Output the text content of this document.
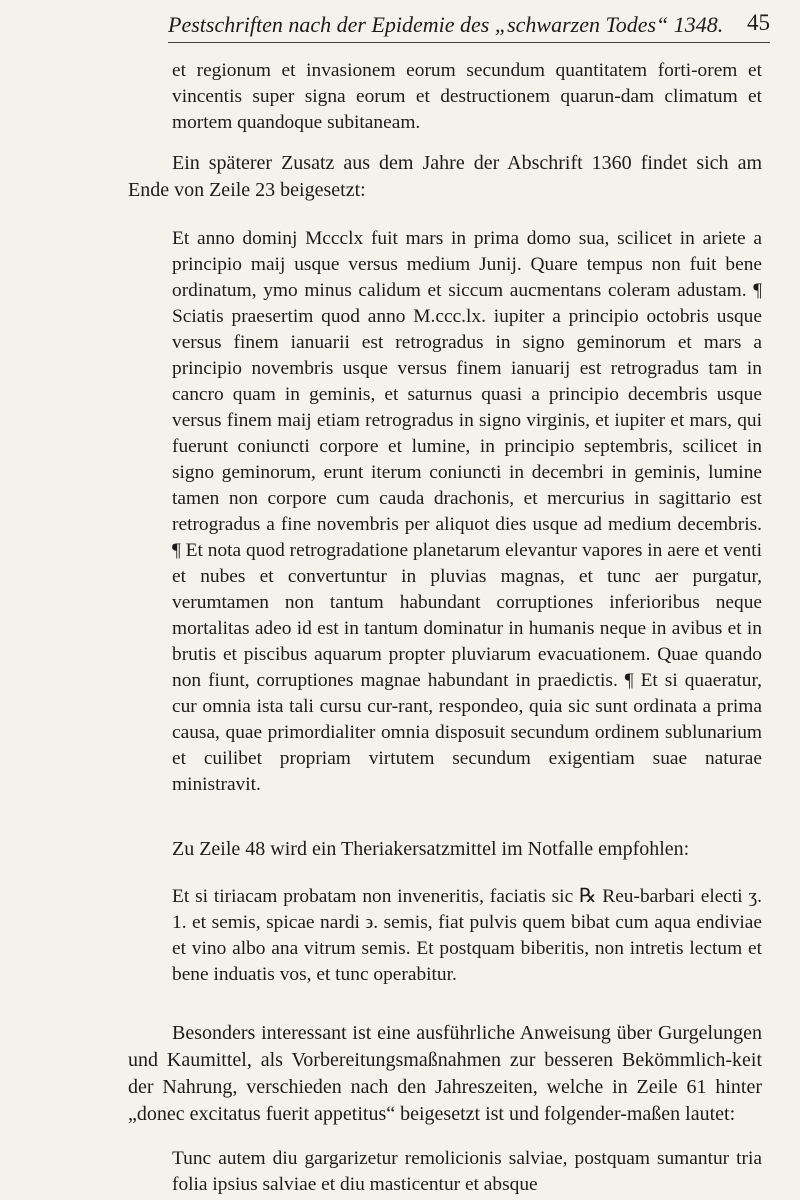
Pestschriften nach der Epidemie des „schwarzen Todes“ 1348. 45

et regionum et invasionem eorum secundum quantitatem forti-orem et vincentis super signa eorum et destructionem quarun-dam climatum et mortem quandoque subitaneam.

Ein späterer Zusatz aus dem Jahre der Abschrift 1360 findet sich am Ende von Zeile 23 beigesetzt:

Et anno dominj Mccclx fuit mars in prima domo sua, scilicet in ariete a principio maij usque versus medium Junij. Quare tempus non fuit bene ordinatum, ymo minus calidum et siccum aucmentans coleram adustam. ¶ Sciatis praesertim quod anno M.ccc.lx. iupiter a principio octobris usque versus finem ianuarii est retrogradus in signo geminorum et mars a principio novembris usque versus finem ianuarij est retrogradus tam in cancro quam in geminis, et saturnus quasi a principio decembris usque versus finem maij etiam retrogradus in signo virginis, et iupiter et mars, qui fuerunt coniuncti corpore et lumine, in principio septembris, scilicet in signo geminorum, erunt iterum coniuncti in decembri in geminis, lumine tamen non corpore cum cauda drachonis, et mercurius in sagittario est retrogradus a fine novembris per aliquot dies usque ad medium decembris. ¶ Et nota quod retrogradatione planetarum elevantur vapores in aere et venti et nubes et convertuntur in pluvias magnas, et tunc aer purgatur, verumtamen non tantum habundant corruptiones inferioribus neque mortalitas adeo id est in tantum dominatur in humanis neque in avibus et in brutis et piscibus aquarum propter pluviarum evacuationem. Quae quando non fiunt, corruptiones magnae habundant in praedictis. ¶ Et si quaeratur, cur omnia ista tali cursu cur-rant, respondeo, quia sic sunt ordinata a prima causa, quae primordialiter omnia disposuit secundum ordinem sublunarium et cuilibet propriam virtutem secundum exigentiam suae naturae ministravit.

Zu Zeile 48 wird ein Theriakersatzmittel im Notfalle empfohlen:

Et si tiriacam probatam non inveneritis, faciatis sic ℞ Reu-barbari electi ʒ. 1. et semis, spicae nardi ϶. semis, fiat pulvis quem bibat cum aqua endiviae et vino albo ana vitrum semis. Et postquam biberitis, non intretis lectum et bene induatis vos, et tunc operabitur.

Besonders interessant ist eine ausführliche Anweisung über Gurgelungen und Kaumittel, als Vorbereitungsmaßnahmen zur besseren Bekömmlich-keit der Nahrung, verschieden nach den Jahreszeiten, welche in Zeile 61 hinter „donec excitatus fuerit appetitus“ beigesetzt ist und folgender-maßen lautet:

Tunc autem diu gargarizetur remolicionis salviae, postquam sumantur tria folia ipsius salviae et diu masticentur et absque
